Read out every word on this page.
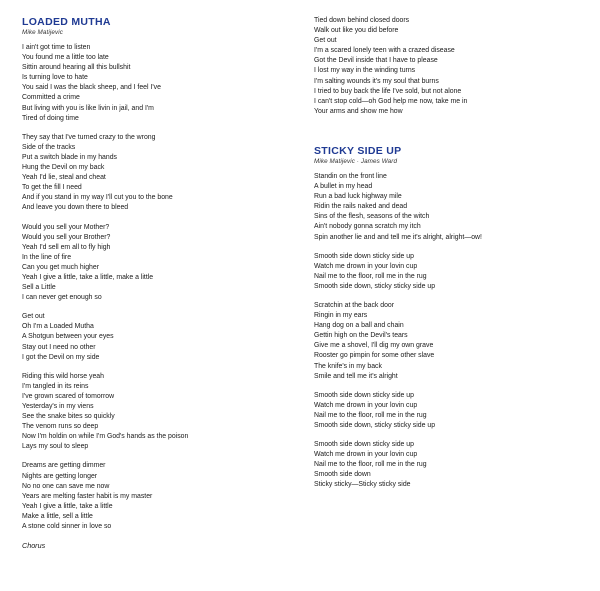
LOADED MUTHA
Mike Matijevic
I ain't got time to listen
You found me a little too late
Sittin around hearing all this bullshit
Is turning love to hate
You said I was the black sheep, and I feel I've
Committed a crime
But living with you is like livin in jail, and I'm
Tired of doing time
They say that I've turned crazy to the wrong
Side of the tracks
Put a switch blade in my hands
Hung the Devil on my back
Yeah I'd lie, steal and cheat
To get the fill I need
And if you stand in my way I'll cut you to the bone
And leave you down there to bleed
Would you sell your Mother?
Would you sell your Brother?
Yeah I'd sell em all to fly high
In the line of fire
Can you get much higher
Yeah I give a little, take a little, make a little
Sell a Little
I can never get enough so
Get out
Oh I'm a Loaded Mutha
A Shotgun between your eyes
Stay out I need no other
I got the Devil on my side
Riding this wild horse yeah
I'm tangled in its reins
I've grown scared of tomorrow
Yesterday's in my viens
See the snake bites so quickly
The venom runs so deep
Now I'm holdin on while I'm God's hands as the poison
Lays my soul to sleep
Dreams are getting dimmer
Nights are getting longer
No no one can save me now
Years are melting faster habit is my master
Yeah I give a little, take a little
Make a little, sell a little
A stone cold sinner in love so
Chorus
Tied down behind closed doors
Walk out like you did before
Get out
I'm a scared lonely teen with a crazed disease
Got the Devil inside that I have to please
I lost my way in the winding turns
I'm salting wounds it's my soul that burns
I tried to buy back the life I've sold, but not alone
I can't stop cold—oh God help me now, take me in
Your arms and show me how
STICKY SIDE UP
Mike Matijevic · James Ward
Standin on the front line
A bullet in my head
Run a bad luck highway mile
Ridin the rails naked and dead
Sins of the flesh, seasons of the witch
Ain't nobody gonna scratch my itch
Spin another lie and and tell me it's alright, alright—ow!
Smooth side down sticky side up
Watch me drown in your lovin cup
Nail me to the floor, roll me in the rug
Smooth side down, sticky sticky side up
Scratchin at the back door
Ringin in my ears
Hang dog on a ball and chain
Gettin high on the Devil's tears
Give me a shovel, I'll dig my own grave
Rooster go pimpin for some other slave
The knife's in my back
Smile and tell me it's alright
Smooth side down sticky side up
Watch me drown in your lovin cup
Nail me to the floor, roll me in the rug
Smooth side down, sticky sticky side up
Smooth side down sticky side up
Watch me drown in your lovin cup
Nail me to the floor, roll me in the rug
Smooth side down
Sticky sticky—Sticky sticky side
